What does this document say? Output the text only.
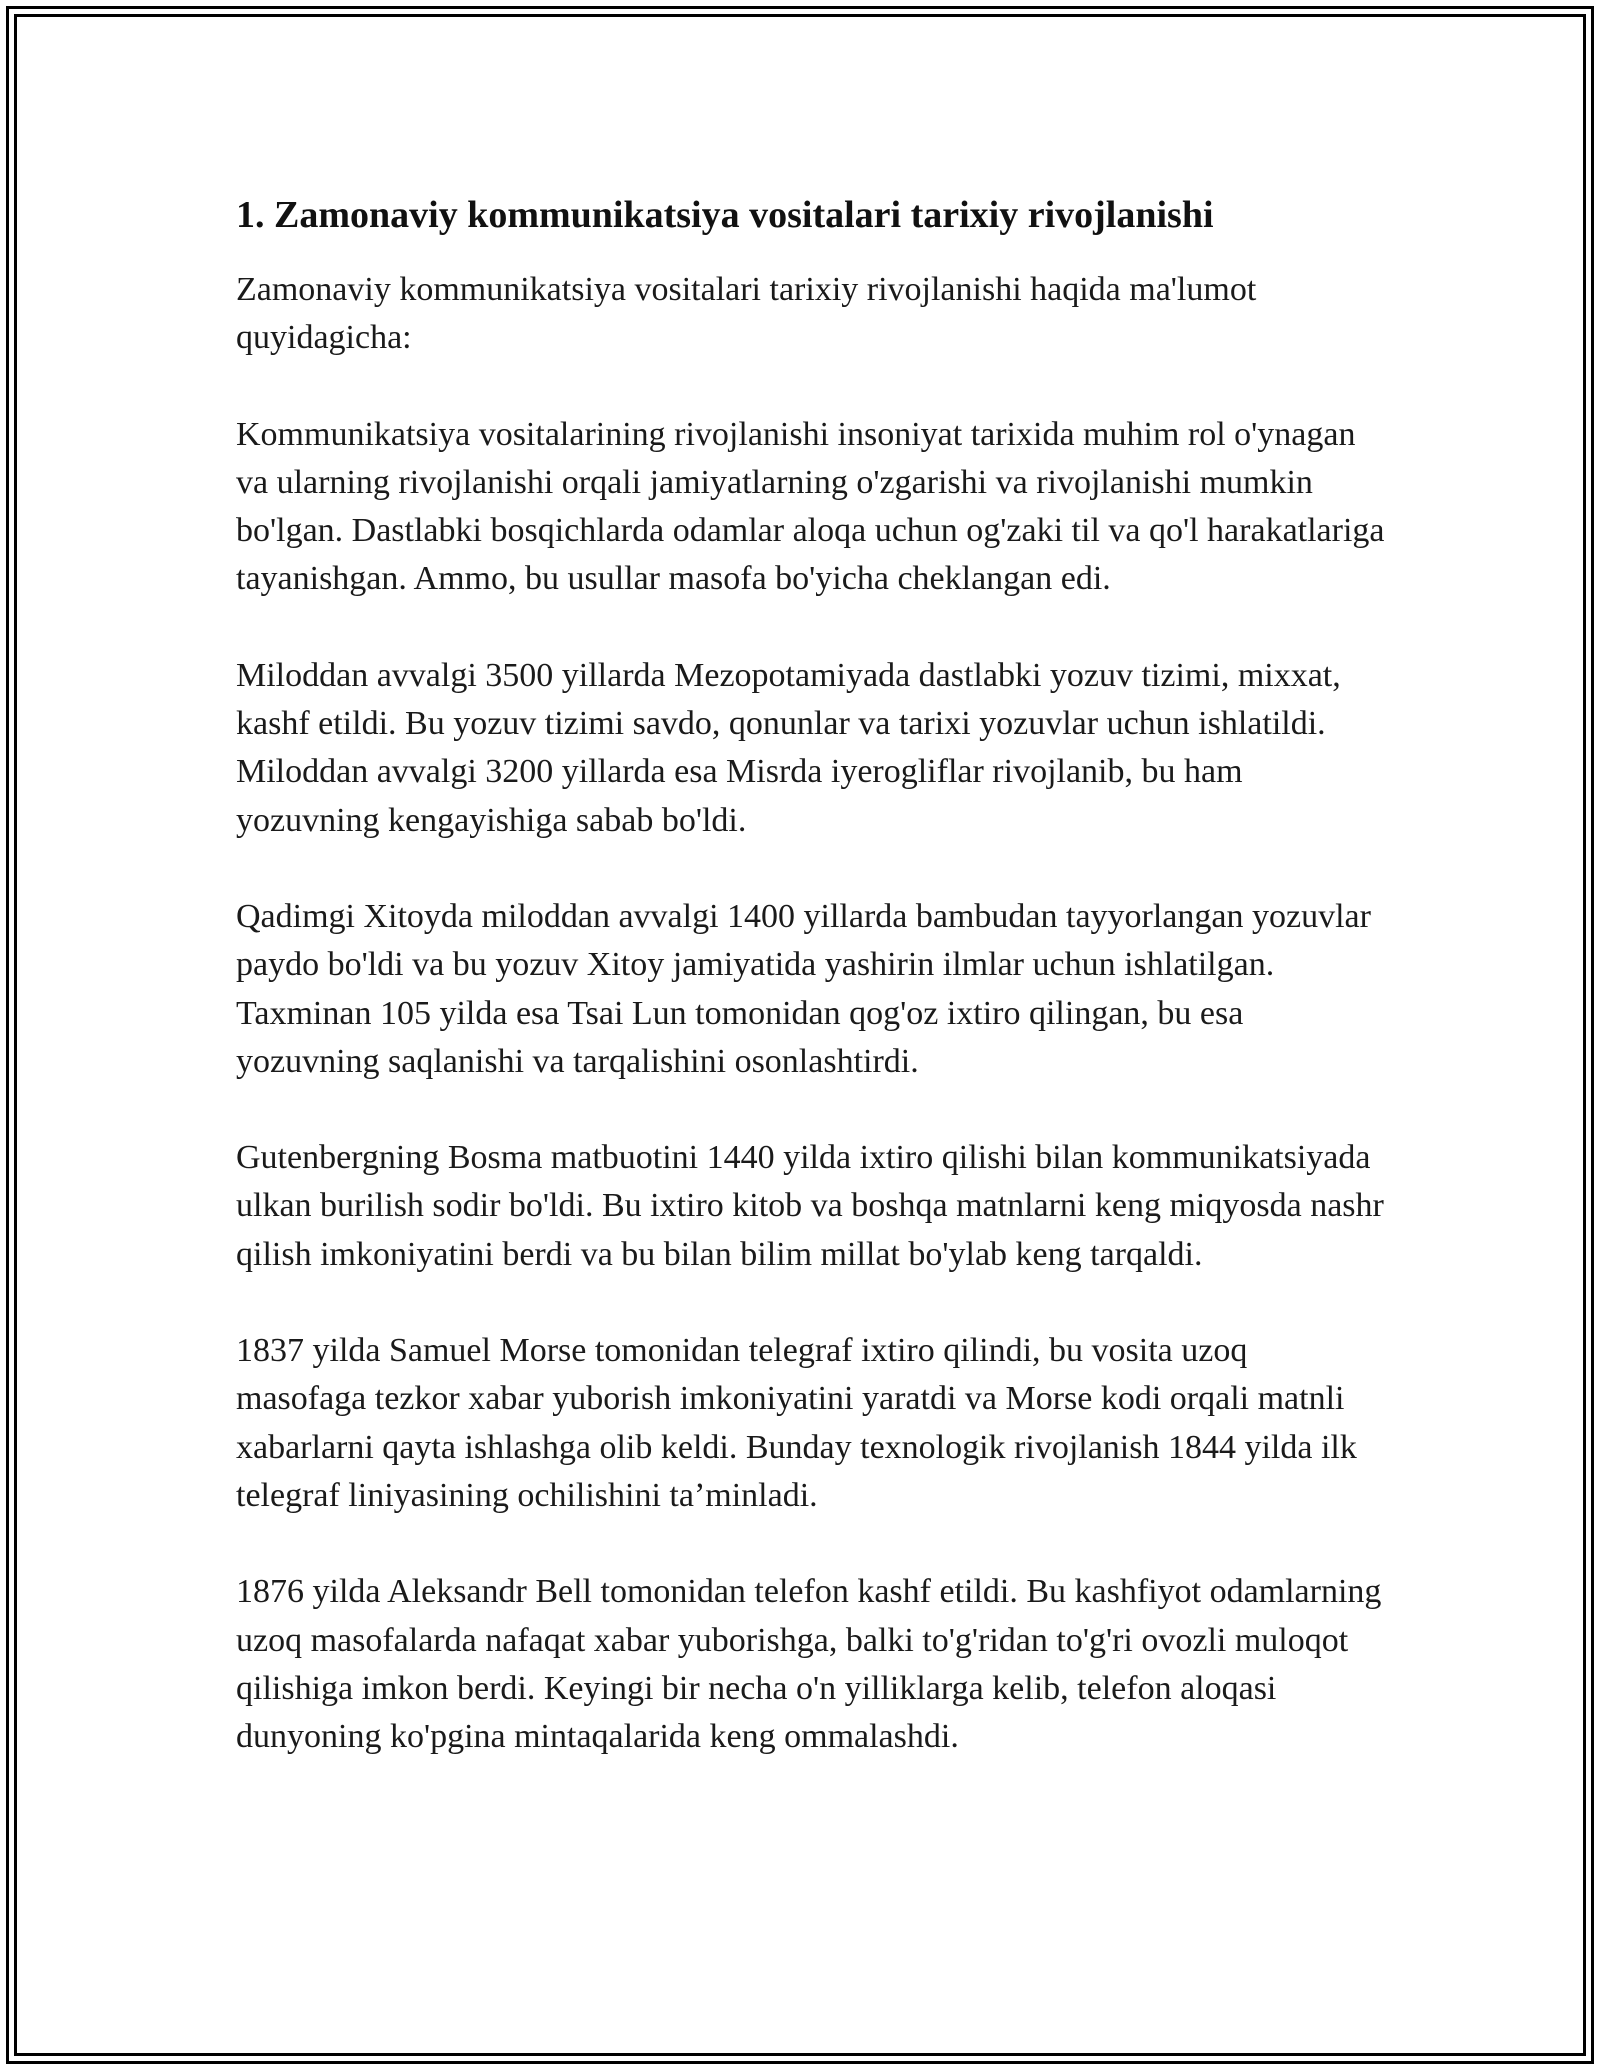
1. Zamonaviy kommunikatsiya vositalari tarixiy rivojlanishi

Zamonaviy kommunikatsiya vositalari tarixiy rivojlanishi haqida ma'lumot quyidagicha:

Kommunikatsiya vositalarining rivojlanishi insoniyat tarixida muhim rol o'ynagan va ularning rivojlanishi orqali jamiyatlarning o'zgarishi va rivojlanishi mumkin bo'lgan. Dastlabki bosqichlarda odamlar aloqa uchun og'zaki til va qo'l harakatlariga tayanishgan. Ammo, bu usullar masofa bo'yicha cheklangan edi.

Miloddan avvalgi 3500 yillarda Mezopotamiyada dastlabki yozuv tizimi, mixxat, kashf etildi. Bu yozuv tizimi savdo, qonunlar va tarixi yozuvlar uchun ishlatildi. Miloddan avvalgi 3200 yillarda esa Misrda iyerogliflar rivojlanib, bu ham yozuvning kengayishiga sabab bo'ldi.

Qadimgi Xitoyda miloddan avvalgi 1400 yillarda bambudan tayyorlangan yozuvlar paydo bo'ldi va bu yozuv Xitoy jamiyatida yashirin ilmlar uchun ishlatilgan. Taxminan 105 yilda esa Tsai Lun tomonidan qog'oz ixtiro qilingan, bu esa yozuvning saqlanishi va tarqalishini osonlashtirdi.

Gutenbergning Bosma matbuotini 1440 yilda ixtiro qilishi bilan kommunikatsiyada ulkan burilish sodir bo'ldi. Bu ixtiro kitob va boshqa matnlarni keng miqyosda nashr qilish imkoniyatini berdi va bu bilan bilim millat bo'ylab keng tarqaldi.

1837 yilda Samuel Morse tomonidan telegraf ixtiro qilindi, bu vosita uzoq masofaga tezkor xabar yuborish imkoniyatini yaratdi va Morse kodi orqali matnli xabarlarni qayta ishlashga olib keldi. Bunday texnologik rivojlanish 1844 yilda ilk telegraf liniyasining ochilishini taʼminladi.

1876 yilda Aleksandr Bell tomonidan telefon kashf etildi. Bu kashfiyot odamlarning uzoq masofalarda nafaqat xabar yuborishga, balki to'g'ridan to'g'ri ovozli muloqot qilishiga imkon berdi. Keyingi bir necha o'n yilliklarga kelib, telefon aloqasi dunyoning ko'pgina mintaqalarida keng ommalashdi.
